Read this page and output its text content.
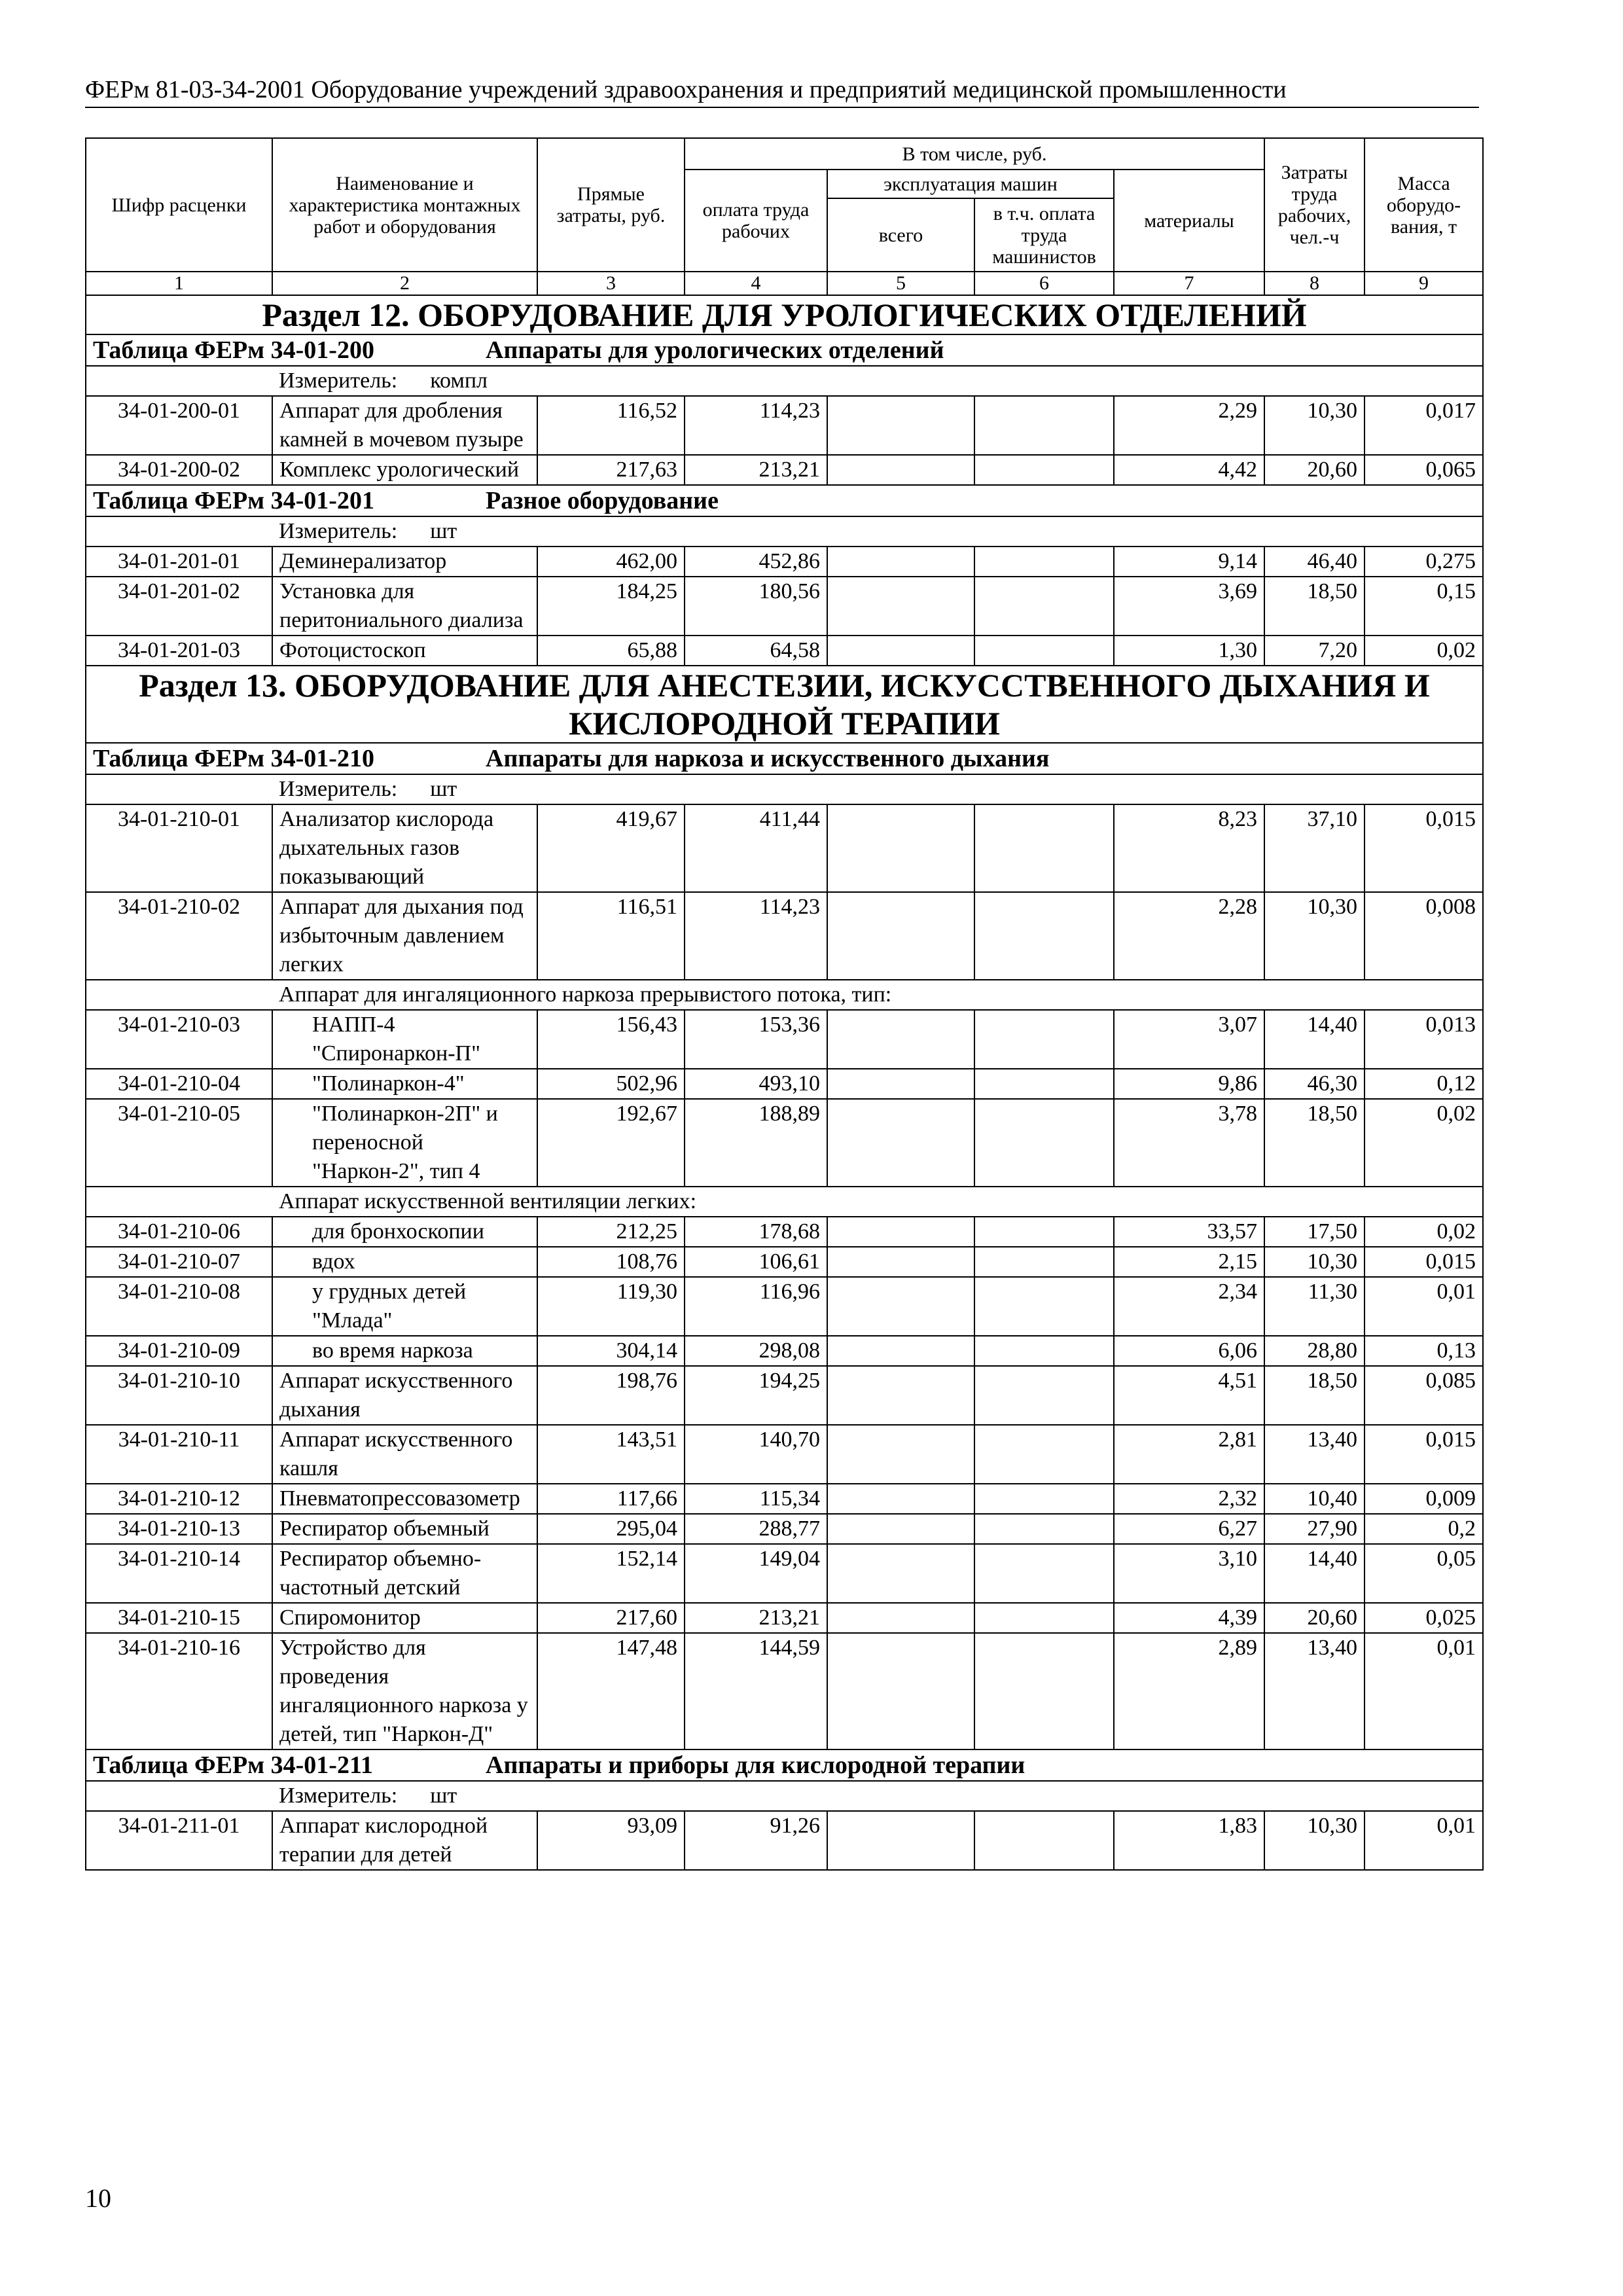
ФЕРм 81-03-34-2001 Оборудование учреждений здравоохранения и предприятий медицинской промышленности
Шифр расценки	Наименование и характеристика монтажных работ и оборудования	Прямые затраты, руб.	В том числе, руб.				Затраты труда рабочих, чел.-ч	Масса оборудо-вания, т
			оплата труда рабочих	эксплуатация машин		материалы		
				всего	в т.ч. оплата труда машинистов			
1	2	3	4	5	6	7	8	9
Раздел 12. ОБОРУДОВАНИЕ ДЛЯ УРОЛОГИЧЕСКИХ ОТДЕЛЕНИЙ								
Таблица ФЕРм 34-01-200 Аппараты для урологических отделений								
	Измеритель: компл							
34-01-200-01	Аппарат для дробления камней в мочевом пузыре	116,52	114,23			2,29	10,30	0,017
34-01-200-02	Комплекс урологический	217,63	213,21			4,42	20,60	0,065
Таблица ФЕРм 34-01-201 Разное оборудование								
	Измеритель: шт							
34-01-201-01	Деминерализатор	462,00	452,86			9,14	46,40	0,275
34-01-201-02	Установка для перитониального диализа	184,25	180,56			3,69	18,50	0,15
34-01-201-03	Фотоцистоскоп	65,88	64,58			1,30	7,20	0,02
Раздел 13. ОБОРУДОВАНИЕ ДЛЯ АНЕСТЕЗИИ, ИСКУССТВЕННОГО ДЫХАНИЯ И КИСЛОРОДНОЙ ТЕРАПИИ								
Таблица ФЕРм 34-01-210 Аппараты для наркоза и искусственного дыхания								
	Измеритель: шт							
34-01-210-01	Анализатор кислорода дыхательных газов показывающий	419,67	411,44			8,23	37,10	0,015
34-01-210-02	Аппарат для дыхания под избыточным давлением легких	116,51	114,23			2,28	10,30	0,008
	Аппарат для ингаляционного наркоза прерывистого потока, тип:							
34-01-210-03	НАПП-4 "Спиронаркон-П"	156,43	153,36			3,07	14,40	0,013
34-01-210-04	"Полинаркон-4"	502,96	493,10			9,86	46,30	0,12
34-01-210-05	"Полинаркон-2П" и переносной "Наркон-2", тип 4	192,67	188,89			3,78	18,50	0,02
	Аппарат искусственной вентиляции легких:							
34-01-210-06	для бронхоскопии	212,25	178,68			33,57	17,50	0,02
34-01-210-07	вдох	108,76	106,61			2,15	10,30	0,015
34-01-210-08	у грудных детей "Млада"	119,30	116,96			2,34	11,30	0,01
34-01-210-09	во время наркоза	304,14	298,08			6,06	28,80	0,13
34-01-210-10	Аппарат искусственного дыхания	198,76	194,25			4,51	18,50	0,085
34-01-210-11	Аппарат искусственного кашля	143,51	140,70			2,81	13,40	0,015
34-01-210-12	Пневматопрессовазометр	117,66	115,34			2,32	10,40	0,009
34-01-210-13	Респиратор объемный	295,04	288,77			6,27	27,90	0,2
34-01-210-14	Респиратор объемно-частотный детский	152,14	149,04			3,10	14,40	0,05
34-01-210-15	Спиромонитор	217,60	213,21			4,39	20,60	0,025
34-01-210-16	Устройство для проведения ингаляционного наркоза у детей, тип "Наркон-Д"	147,48	144,59			2,89	13,40	0,01
Таблица ФЕРм 34-01-211 Аппараты и приборы для кислородной терапии								
	Измеритель: шт							
34-01-211-01	Аппарат кислородной терапии для детей	93,09	91,26			1,83	10,30	0,01
10
